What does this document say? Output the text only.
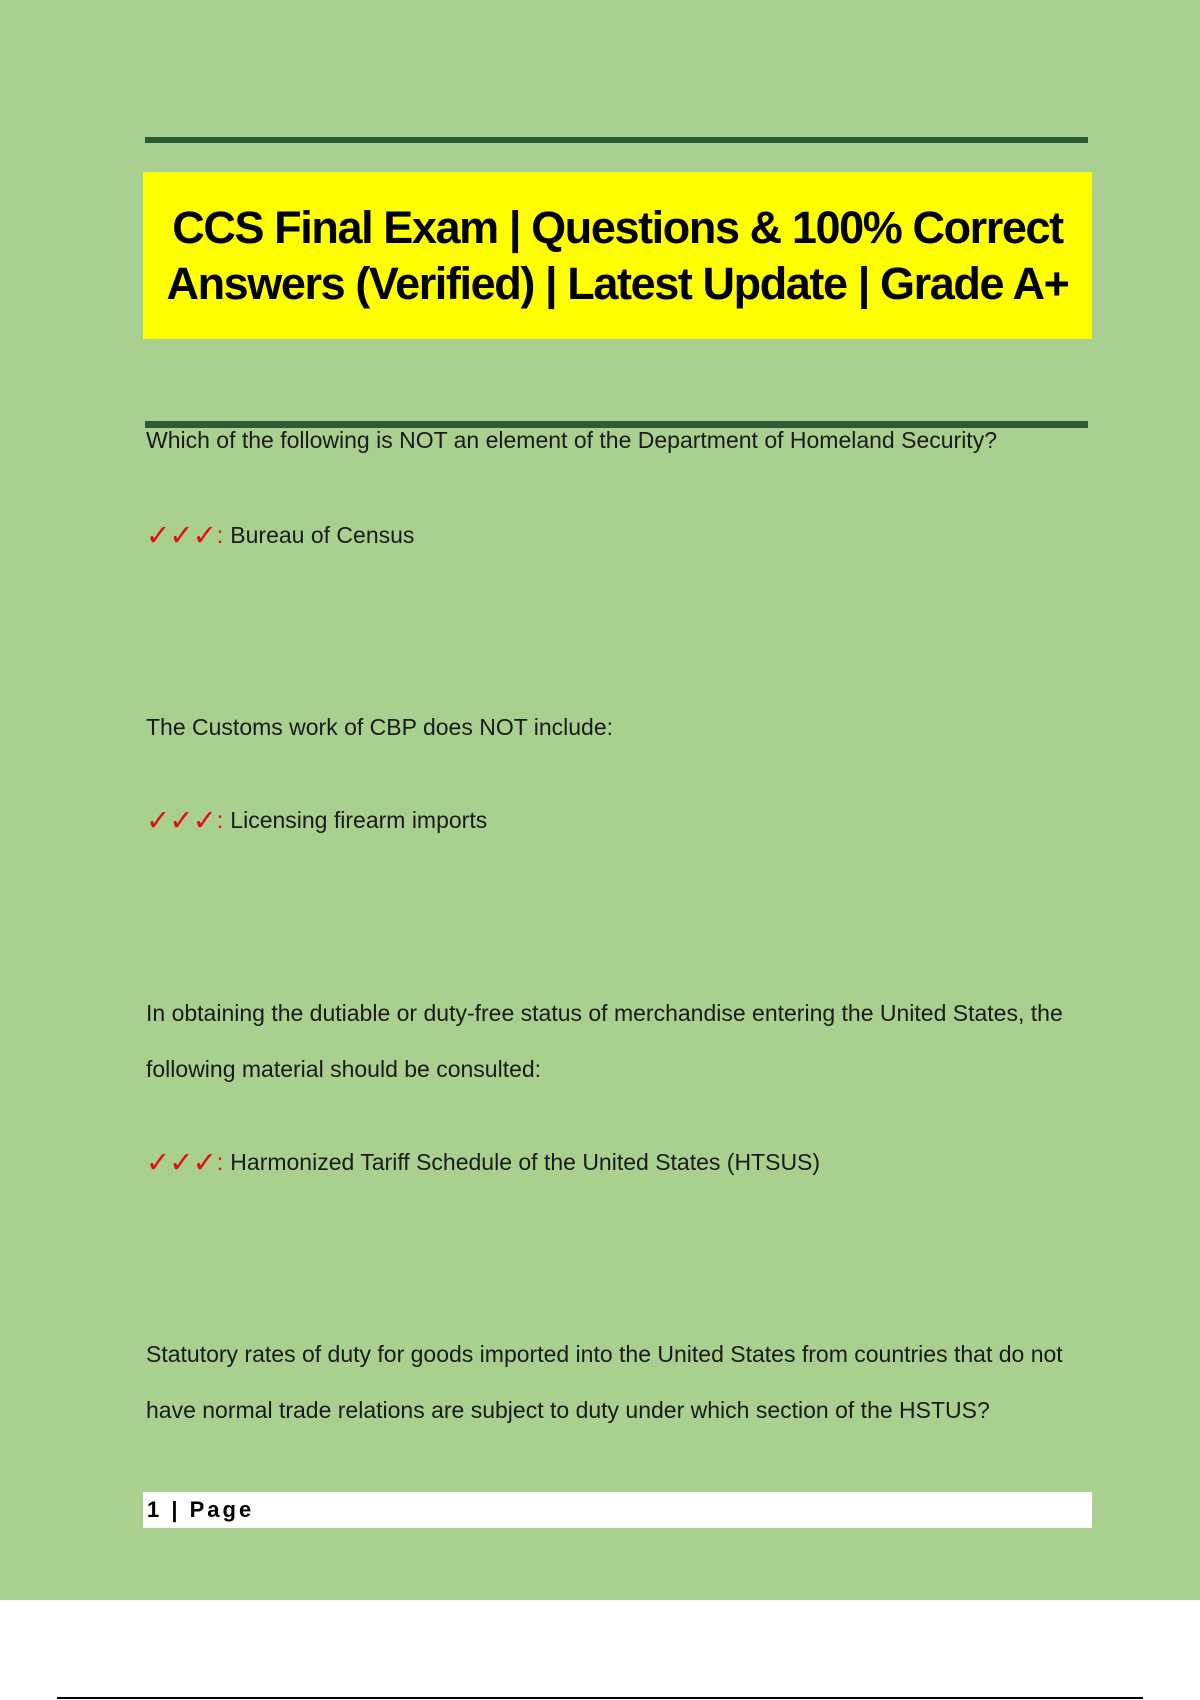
CCS Final Exam | Questions & 100% Correct Answers (Verified) | Latest Update | Grade A+

Which of the following is NOT an element of the Department of Homeland Security?

✓✓✓ : Bureau of Census

The Customs work of CBP does NOT include:

✓✓✓ : Licensing firearm imports

In obtaining the dutiable or duty-free status of merchandise entering the United States, the following material should be consulted:

✓✓✓ : Harmonized Tariff Schedule of the United States (HTSUS)

Statutory rates of duty for goods imported into the United States from countries that do not have normal trade relations are subject to duty under which section of the HSTUS?

1 | Page
